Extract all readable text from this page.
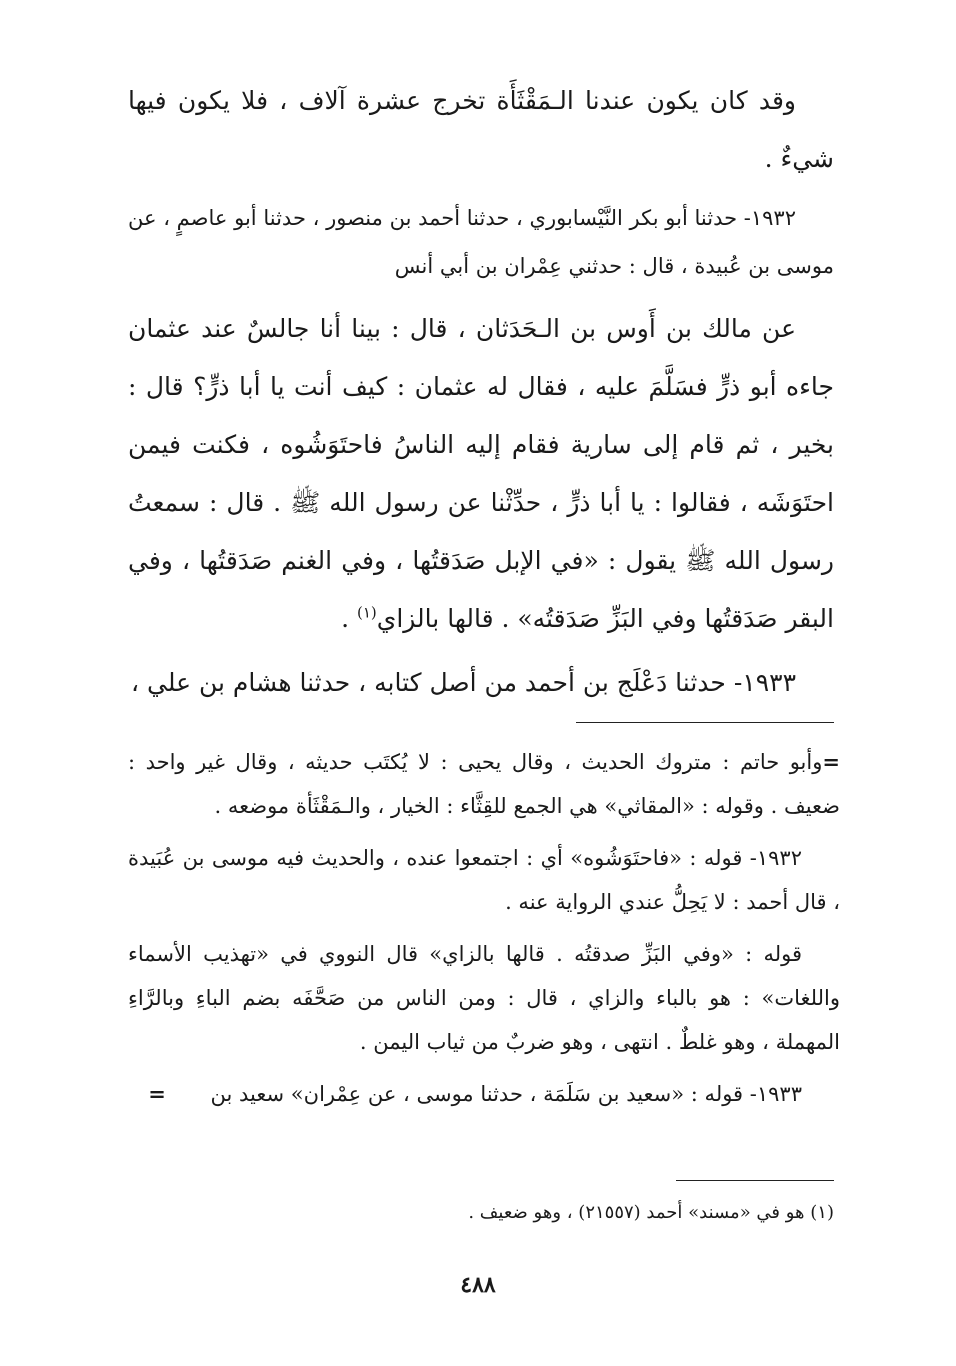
وقد كان يكون عندنا الـمَقْثَأَة تخرج عشرة آلاف ، فلا يكون فيها شيءٌ .

١٩٣٢- حدثنا أبو بكر النَّيْسابوري ، حدثنا أحمد بن منصور ، حدثنا أبو عاصمٍ ، عن موسى بن عُبيدة ، قال : حدثني عِمْران بن أبي أنس

عن مالك بن أَوس بن الـحَدَثان ، قال : بينا أنا جالسٌ عند عثمان جاءه أبو ذرٍّ فسَلَّمَ عليه ، فقال له عثمان : كيف أنت يا أبا ذرٍّ؟ قال : بخير ، ثم قام إلى سارية فقام إليه الناسُ فاحتَوَشُوه ، فكنت فيمن احتَوَشَه ، فقالوا : يا أبا ذرٍّ ، حدِّثْنا عن رسول الله ﷺ . قال : سمعتُ رسول الله ﷺ يقول : «في الإبل صَدَقتُها ، وفي الغنم صَدَقتُها ، وفي البقر صَدَقتُها وفي البَزِّ صَدَقتُه» . قالها بالزاي$^{(١)}$ .

١٩٣٣- حدثنا دَعْلَج بن أحمد من أصل كتابه ، حدثنا هشام بن علي ،

=وأبو حاتم : متروك الحديث ، وقال يحيى : لا يُكتَب حديثه ، وقال غير واحد : ضعيف . وقوله : «المقاثي» هي الجمع للقِثَّاء : الخيار ، والـمَقْثَأة موضعه .

١٩٣٢- قوله : «فاحتَوَشُوه» أي : اجتمعوا عنده ، والحديث فيه موسى بن عُبَيدة ، قال أحمد : لا يَحِلُّ عندي الرواية عنه .

قوله : «وفي البَزِّ صدقتُه . قالها بالزاي» قال النووي في «تهذيب الأسماء واللغات» : هو بالباء والزاي ، قال : ومن الناس من صَحَّفَه بضم الباءِ وبالرَّاءِ المهملة ، وهو غلطٌ . انتهى ، وهو ضربٌ من ثياب اليمن .

١٩٣٣- قوله : «سعيد بن سَلَمَة ، حدثنا موسى ، عن عِمْران» سعيد بن =

(١) هو في «مسند» أحمد (٢١٥٥٧) ، وهو ضعيف .
٤٨٨
